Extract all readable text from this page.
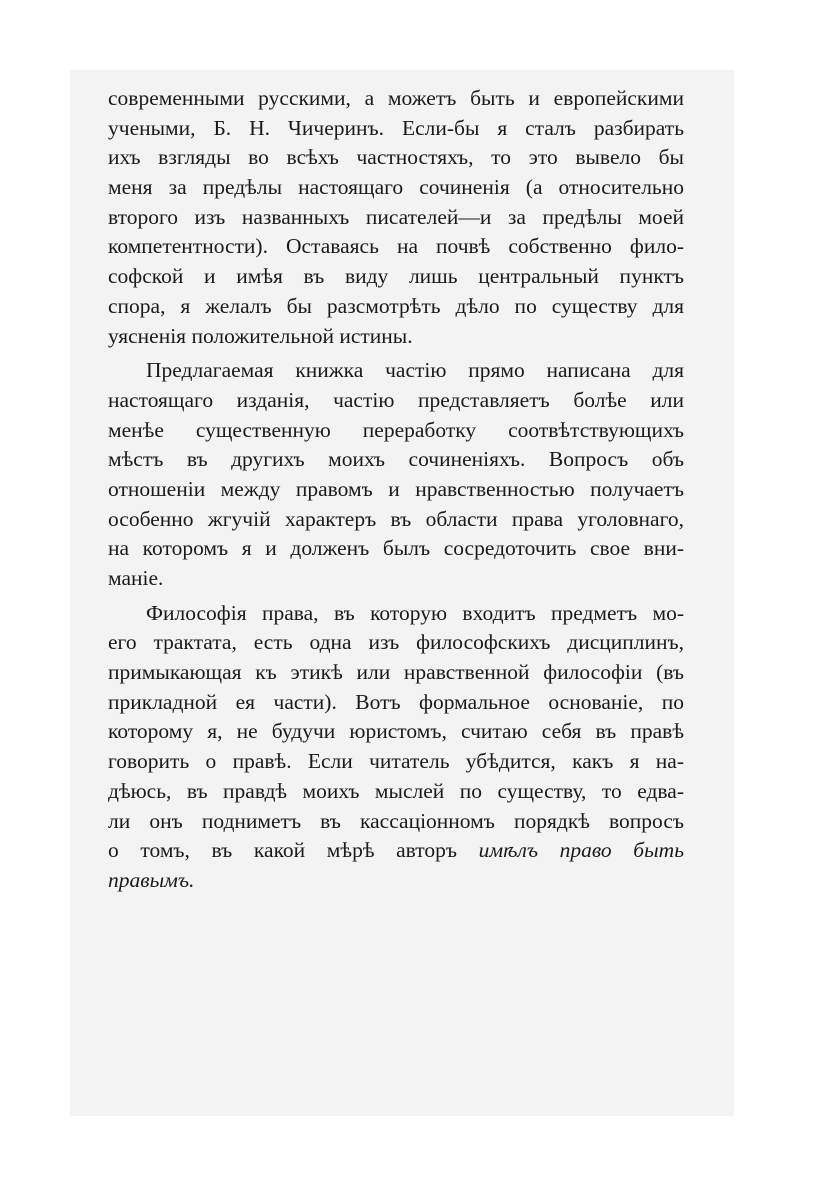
современными русскими, а можетъ быть и европейскими
учеными, Б. Н. Чичеринъ. Если-бы я сталъ разбирать
ихъ взгляды во всѣхъ частностяхъ, то это вывело бы
меня за предѣлы настоящаго сочиненія (а относительно
второго изъ названныхъ писателей—и за предѣлы моей
компетентности). Оставаясь на почвѣ собственно фило-
софской и имѣя въ виду лишь центральный пунктъ
спора, я желалъ бы разсмотрѣть дѣло по существу для
уясненія положительной истины.
Предлагаемая книжка частію прямо написана для
настоящаго изданія, частію представляетъ болѣе или
менѣе существенную переработку соотвѣтствующихъ
мѣстъ въ другихъ моихъ сочиненіяхъ. Вопросъ объ
отношеніи между правомъ и нравственностью получаетъ
особенно жгучій характеръ въ области права уголовнаго,
на которомъ я и долженъ былъ сосредоточить свое вни-
маніе.
Философія права, въ которую входитъ предметъ мо-
его трактата, есть одна изъ философскихъ дисциплинъ,
примыкающая къ этикѣ или нравственной философіи (въ
прикладной ея части). Вотъ формальное основаніе, по
которому я, не будучи юристомъ, считаю себя въ правѣ
говорить о правѣ. Если читатель убѣдится, какъ я на-
дѣюсь, въ правдѣ моихъ мыслей по существу, то едва-
ли онъ подниметъ въ кассаціонномъ порядкѣ вопросъ
о томъ, въ какой мѣрѣ авторъ имѣлъ право быть
правымъ.
